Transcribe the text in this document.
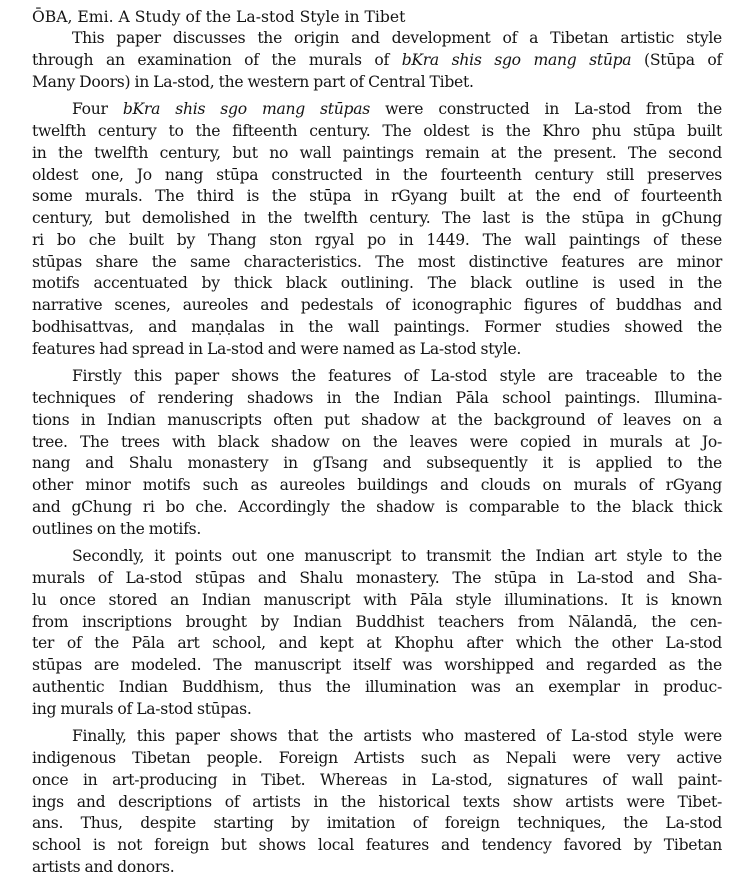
ŌBA, Emi. A Study of the La-stod Style in Tibet

This paper discusses the origin and development of a Tibetan artistic style
through an examination of the murals of bKra shis sgo mang stūpa (Stūpa of
Many Doors) in La-stod, the western part of Central Tibet.

Four bKra shis sgo mang stūpas were constructed in La-stod from the
twelfth century to the fifteenth century. The oldest is the Khro phu stūpa built
in the twelfth century, but no wall paintings remain at the present. The second
oldest one, Jo nang stūpa constructed in the fourteenth century still preserves
some murals. The third is the stūpa in rGyang built at the end of fourteenth
century, but demolished in the twelfth century. The last is the stūpa in gChung
ri bo che built by Thang ston rgyal po in 1449. The wall paintings of these
stūpas share the same characteristics. The most distinctive features are minor
motifs accentuated by thick black outlining. The black outline is used in the
narrative scenes, aureoles and pedestals of iconographic figures of buddhas and
bodhisattvas, and maṇḍalas in the wall paintings. Former studies showed the
features had spread in La-stod and were named as La-stod style.

Firstly this paper shows the features of La-stod style are traceable to the
techniques of rendering shadows in the Indian Pāla school paintings. Illumina-
tions in Indian manuscripts often put shadow at the background of leaves on a
tree. The trees with black shadow on the leaves were copied in murals at Jo-
nang and Shalu monastery in gTsang and subsequently it is applied to the
other minor motifs such as aureoles buildings and clouds on murals of rGyang
and gChung ri bo che. Accordingly the shadow is comparable to the black thick
outlines on the motifs.

Secondly, it points out one manuscript to transmit the Indian art style to the
murals of La-stod stūpas and Shalu monastery. The stūpa in La-stod and Sha-
lu once stored an Indian manuscript with Pāla style illuminations. It is known
from inscriptions brought by Indian Buddhist teachers from Nālandā, the cen-
ter of the Pāla art school, and kept at Khophu after which the other La-stod
stūpas are modeled. The manuscript itself was worshipped and regarded as the
authentic Indian Buddhism, thus the illumination was an exemplar in produc-
ing murals of La-stod stūpas.

Finally, this paper shows that the artists who mastered of La-stod style were
indigenous Tibetan people. Foreign Artists such as Nepali were very active
once in art-producing in Tibet. Whereas in La-stod, signatures of wall paint-
ings and descriptions of artists in the historical texts show artists were Tibet-
ans. Thus, despite starting by imitation of foreign techniques, the La-stod
school is not foreign but shows local features and tendency favored by Tibetan
artists and donors.
